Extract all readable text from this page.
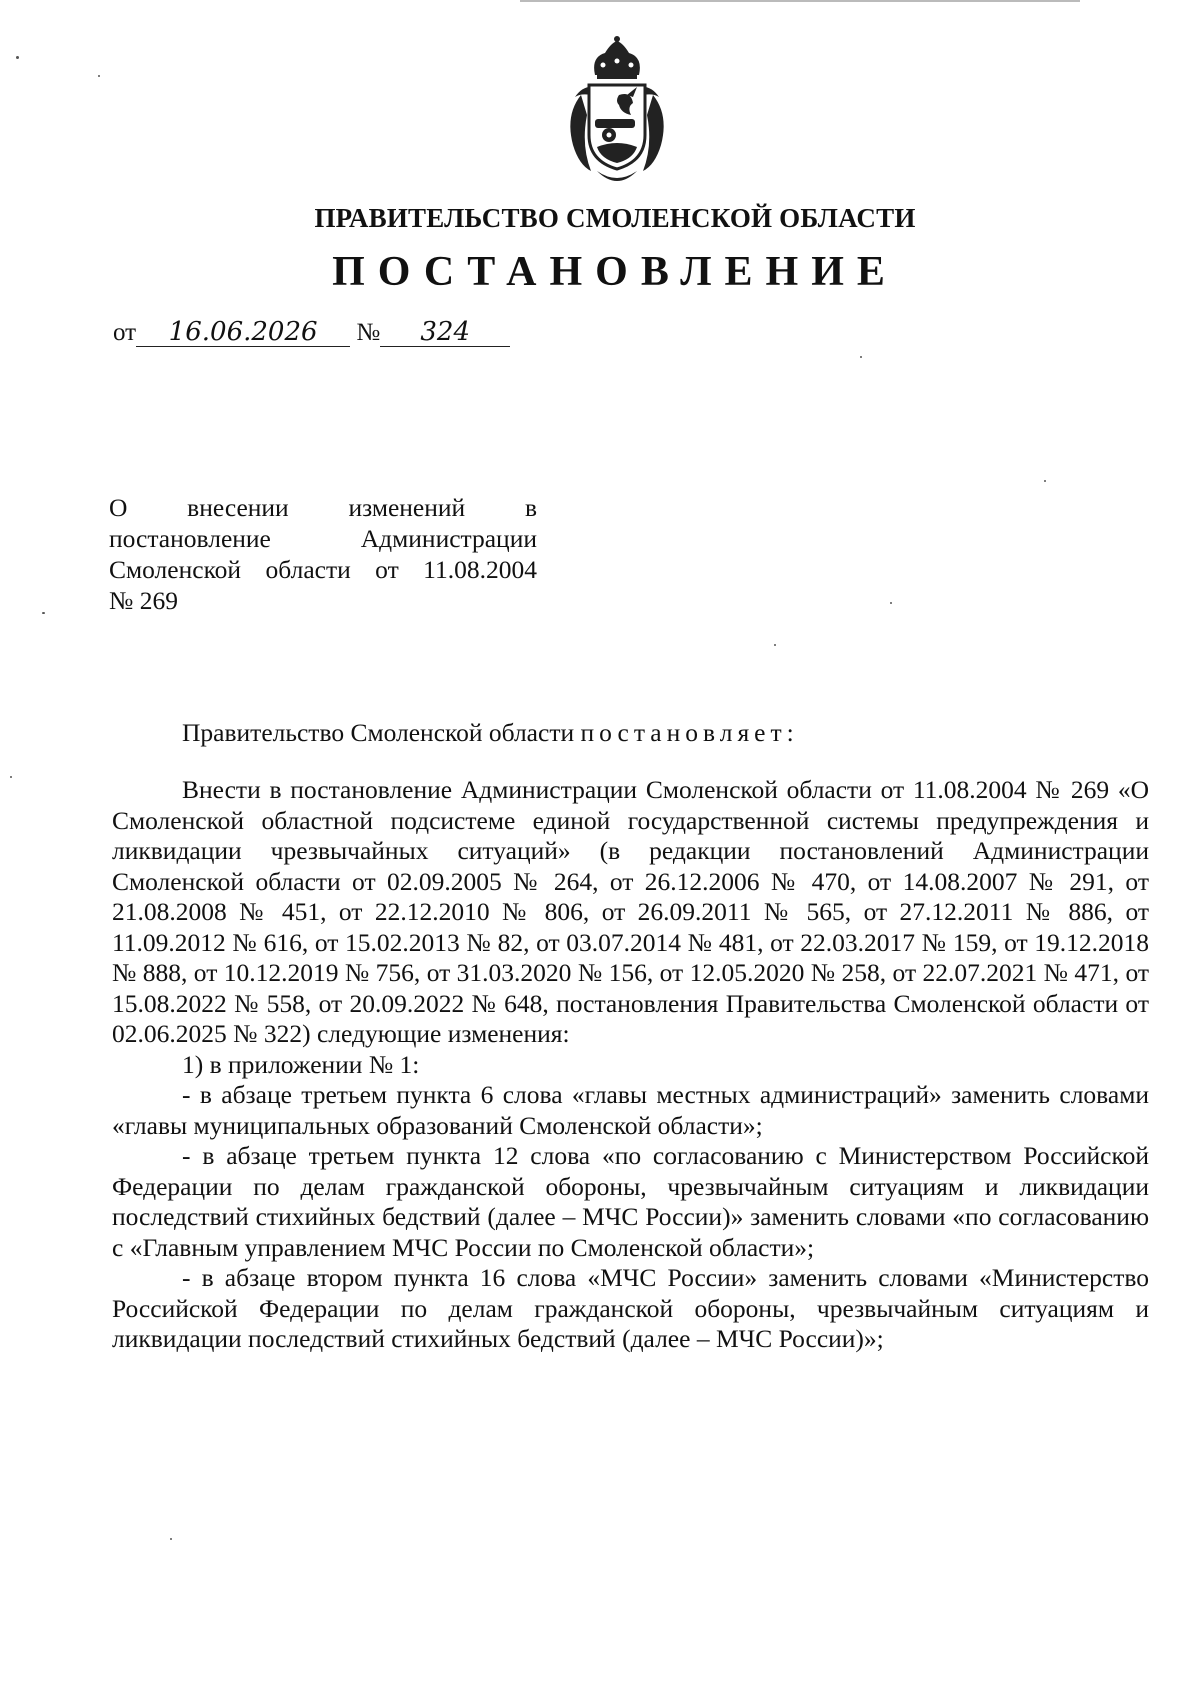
ПРАВИТЕЛЬСТВО СМОЛЕНСКОЙ ОБЛАСТИ
ПОСТАНОВЛЕНИЕ
от 16.06.2026 № 324
О внесении изменений в
постановление Администрации
Смоленской области от 11.08.2004
№ 269
Правительство Смоленской области постановляет:

Внести в постановление Администрации Смоленской области от 11.08.2004 № 269 «О Смоленской областной подсистеме единой государственной системы предупреждения и ликвидации чрезвычайных ситуаций» (в редакции постановлений Администрации Смоленской области от 02.09.2005 № 264, от 26.12.2006 № 470, от 14.08.2007 № 291, от 21.08.2008 № 451, от 22.12.2010 № 806, от 26.09.2011 № 565, от 27.12.2011 № 886, от 11.09.2012 № 616, от 15.02.2013 № 82, от 03.07.2014 № 481, от 22.03.2017 № 159, от 19.12.2018 № 888, от 10.12.2019 № 756, от 31.03.2020 № 156, от 12.05.2020 № 258, от 22.07.2021 № 471, от 15.08.2022 № 558, от 20.09.2022 № 648, постановления Правительства Смоленской области от 02.06.2025 № 322) следующие изменения:

1) в приложении № 1:

- в абзаце третьем пункта 6 слова «главы местных администраций» заменить словами «главы муниципальных образований Смоленской области»;

- в абзаце третьем пункта 12 слова «по согласованию с Министерством Российской Федерации по делам гражданской обороны, чрезвычайным ситуациям и ликвидации последствий стихийных бедствий (далее – МЧС России)» заменить словами «по согласованию с «Главным управлением МЧС России по Смоленской области»;

- в абзаце втором пункта 16 слова «МЧС России» заменить словами «Министерство Российской Федерации по делам гражданской обороны, чрезвычайным ситуациям и ликвидации последствий стихийных бедствий (далее – МЧС России)»;
